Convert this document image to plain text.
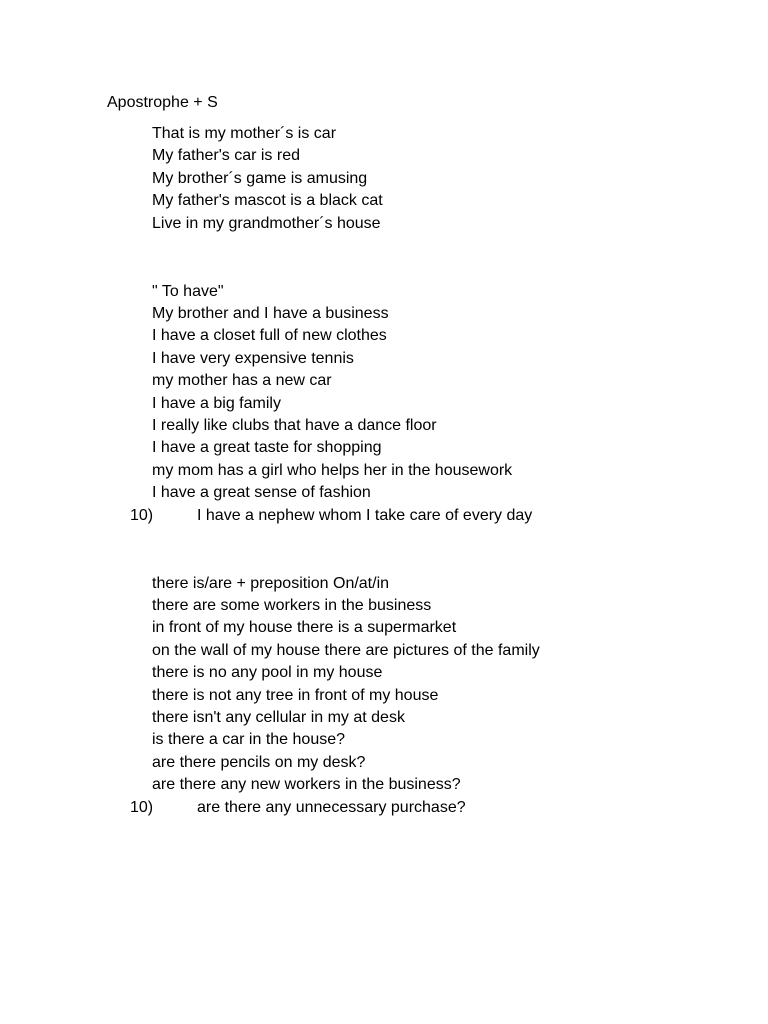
Apostrophe + S
That is my mother´s is car
My father's car is red
My brother´s game is amusing
My father's mascot is a black cat
Live in my grandmother´s house
" To have"
My brother and I have a business
I have a closet full of new clothes
I have very expensive tennis
my mother has a new car
I have a big family
I really like clubs that have a dance floor
I have a great taste for shopping
my mom has a girl who helps her in the housework
I have a great sense of fashion
10)	I have a nephew whom I take care of every day
there is/are + preposition On/at/in
there are some workers in the business
in front of my house there is a supermarket
on the wall of my house there are pictures of the family
there is no any pool in my house
there is not any tree in front of my house
there isn't any cellular in my at desk
is there a car in the house?
are there pencils on my desk?
are there any new workers in the business?
10)	are there any unnecessary purchase?
